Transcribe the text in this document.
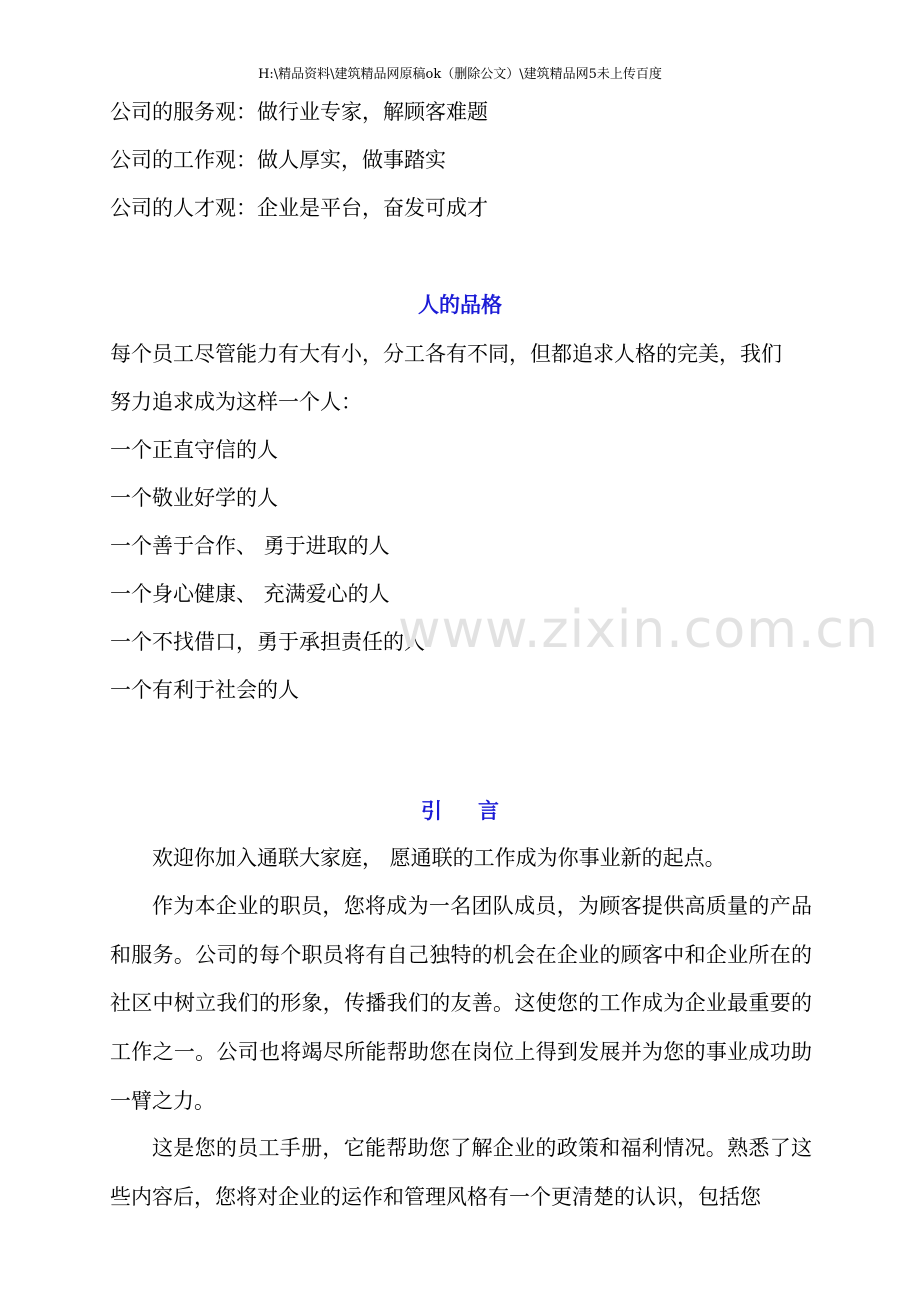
H:\精品资料\建筑精品网原稿ok（删除公文）\建筑精品网5未上传百度
公司的服务观：做行业专家，解顾客难题
公司的工作观：做人厚实，做事踏实
公司的人才观：企业是平台，奋发可成才
人的品格
每个员工尽管能力有大有小，分工各有不同，但都追求人格的完美，我们
努力追求成为这样一个人：
一个正直守信的人
一个敬业好学的人
一个善于合作、 勇于进取的人
一个身心健康、 充满爱心的人
一个不找借口，勇于承担责任的人
一个有利于社会的人
引言
欢迎你加入通联大家庭， 愿通联的工作成为你事业新的起点。
作为本企业的职员，您将成为一名团队成员，为顾客提供高质量的产品和服务。公司的每个职员将有自己独特的机会在企业的顾客中和企业所在的社区中树立我们的形象，传播我们的友善。这使您的工作成为企业最重要的工作之一。公司也将竭尽所能帮助您在岗位上得到发展并为您的事业成功助一臂之力。
这是您的员工手册，它能帮助您了解企业的政策和福利情况。熟悉了这些内容后，您将对企业的运作和管理风格有一个更清楚的认识，包括您
www.zixin.com.cn
